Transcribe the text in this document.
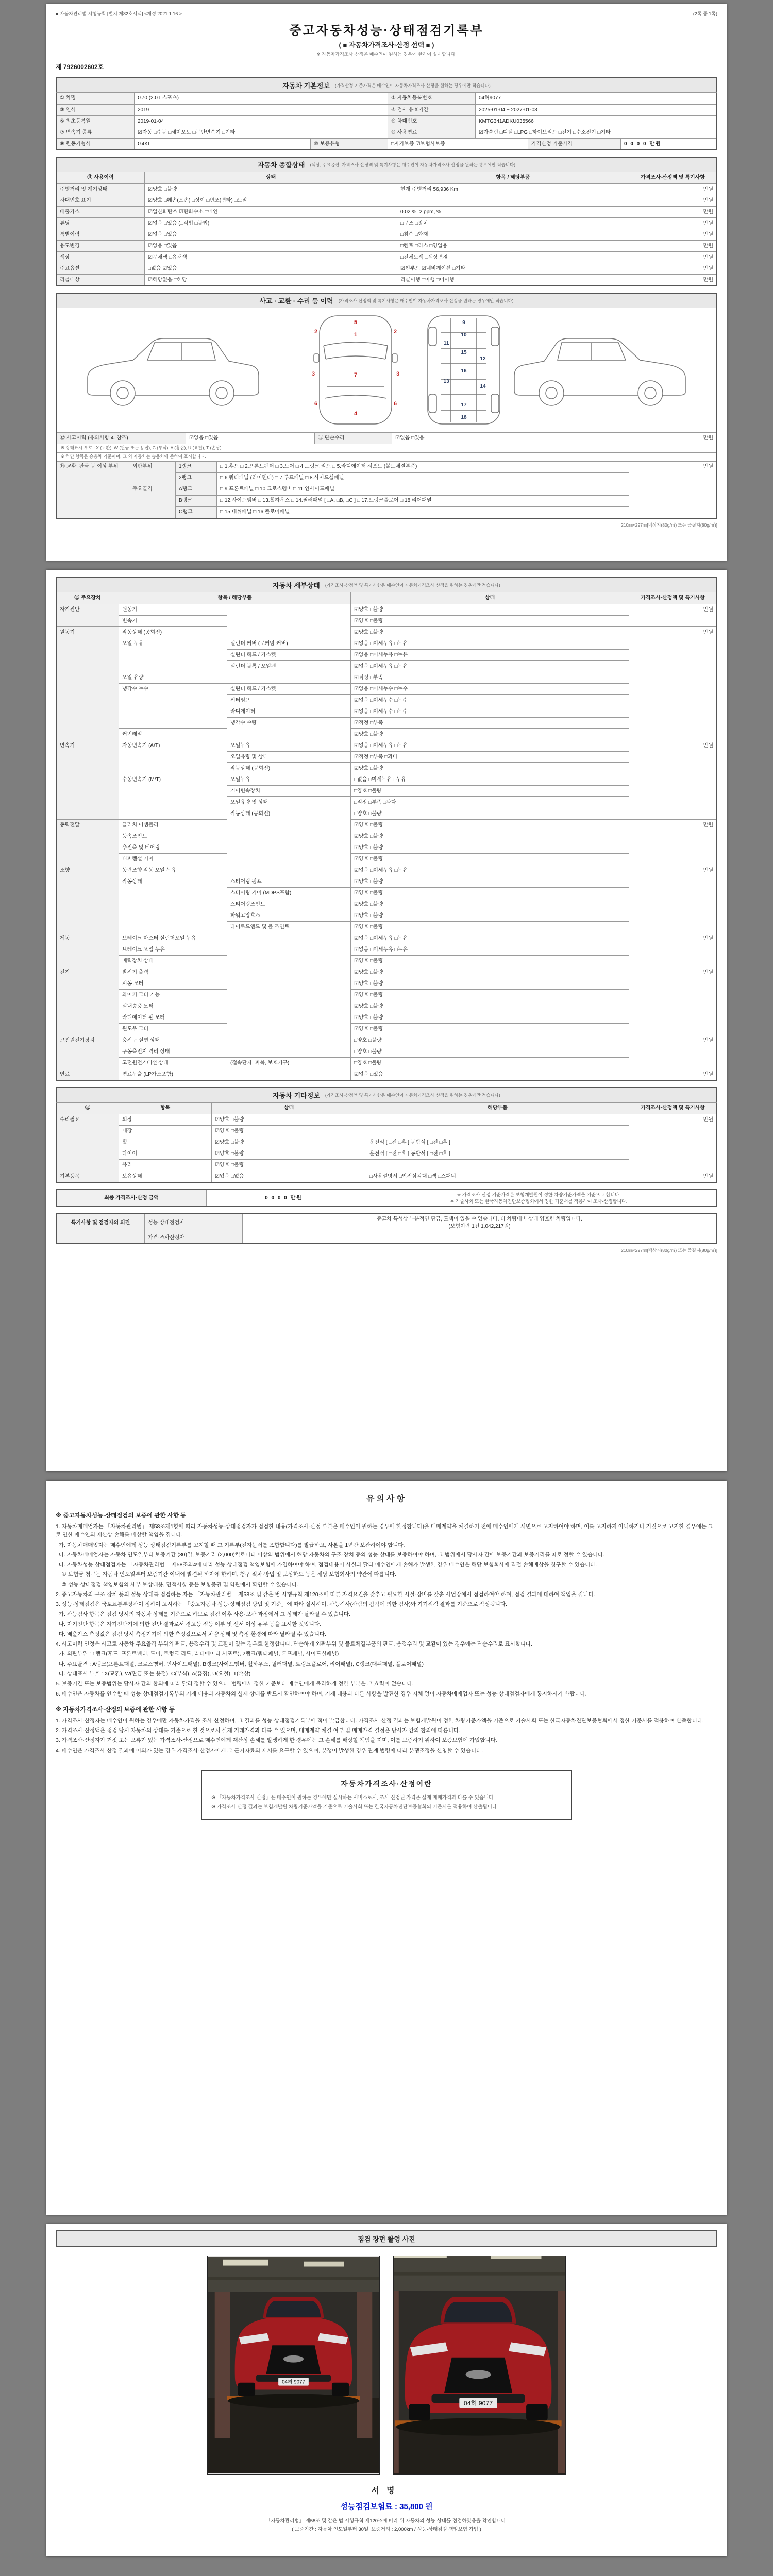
■ 자동차관리법 시행규칙 [별지 제82호서식] <개정 2021.1.16.>	(2쪽 중 1쪽)
중고자동차성능·상태점검기록부
( ■ 자동차가격조사·산정 선택 ■ )
※ 자동차가격조사·산정은 매수인이 원하는 경우에 한하여 실시합니다.
제 7926002602호
자동차 기본정보 (가격산정 기준가격은 매수인이 자동차가격조사·산정을 원하는 경우에만 적습니다)
① 차명	G70 (2.0T 스포츠)	② 자동차등록번호	04허9077
③ 연식	2019	④ 검사 유효기간	2025-01-04 ~ 2027-01-03
⑤ 최초등록일	2019-01-04	⑥ 차대번호	KMTG341ADKU035566
⑦ 변속기 종류	☑자동 □수동 □세미오토 □무단변속기 □기타	⑧ 사용연료	☑가솔린 □디젤 □LPG □하이브리드 □전기 □수소전기 □기타
⑨ 원동기형식	G4KL	⑩ 보증유형	□자가보증 ☑보험사보증	가격산정 기준가격	0 0 0 0 만원
자동차 종합상태 (색상, 주요옵션, 가격조사·산정액 및 특기사항은 매수인이 자동차가격조사·산정을 원하는 경우에만 적습니다)
⑪ 사용이력	상태	항목 / 해당부품	가격조사·산정액 및 특기사항
주행거리 및 계기상태	☑양호 □불량	현재 주행거리 56,936 Km	만원
차대번호 표기	☑양호 □훼손(오손) □상이 □변조(변타) □도말	만원
배출가스	☑일산화탄소 ☑탄화수소 □매연	0.02 %, 2 ppm, %	만원
튜닝	☑없음 □있음 (□적법 □불법)	□구조 □장치	만원
특별이력	☑없음 □있음	□침수 □화재	만원
용도변경	☑없음 □있음	□렌트 □리스 □영업용	만원
색상	☑무채색 □유채색	□전체도색 □색상변경	만원
주요옵션	□없음 ☑있음	☑썬루프 ☑네비게이션 □기타	만원
리콜대상	☑해당없음 □해당	리콜이행 □이행 □미이행	만원
사고 · 교환 · 수리 등 이력 (가격조사·산정액 및 특기사항은 매수인이 자동차가격조사·산정을 원하는 경우에만 적습니다)
1
2	2
3	3
4
5
6	6
7
9
10
11
12
13
14
15
16
17
18
⑫ 사고이력 (유의사항 4. 참조)	☑없음 □있음	⑬ 단순수리	☑없음 □있음	만원
※ 상태표시 부호 : X (교환), W (판금 또는 용접), C (부식), A (흠집), U (요철), T (손상)
※ 하단 항목은 승용차 기준이며, 그 외 자동차는 승용차에 준하여 표시합니다.
⑭ 교환, 판금 등 이상 부위	외판부위	1랭크	□ 1.후드 □ 2.프론트펜더 □ 3.도어 □ 4.트렁크 리드 □ 5.라디에이터 서포트 (볼트체결부품)	만원
2랭크	□ 6.쿼터패널 (리어펜더) □ 7.루프패널 □ 8.사이드실패널
주요골격	A랭크	□ 9.프론트패널 □ 10.크로스멤버 □ 11.인사이드패널
B랭크	□ 12.사이드멤버 □ 13.휠하우스 □ 14.필러패널 [ □A, □B, □C ] □ 17.트렁크플로어 □ 18.리어패널
C랭크	□ 15.대쉬패널 □ 16.플로어패널
210㎜×297㎜[백상지(80g/㎡) 또는 중질지(80g/㎡)]
자동차 세부상태 (가격조사·산정액 및 특기사항은 매수인이 자동차가격조사·산정을 원하는 경우에만 적습니다)
⑮ 주요장치	항목 / 해당부품	상태	가격조사·산정액 및 특기사항
자기진단	원동기	☑양호 □불량	만원
변속기	☑양호 □불량
원동기	작동상태 (공회전)	☑양호 □불량	만원
오일 누유	실린더 커버 (로커암 커버)	☑없음 □미세누유 □누유
실린더 헤드 / 가스켓	☑없음 □미세누유 □누유
실린더 블록 / 오일팬	☑없음 □미세누유 □누유
오일 유량	☑적정 □부족
냉각수 누수	실린더 헤드 / 가스켓	☑없음 □미세누수 □누수
워터펌프	☑없음 □미세누수 □누수
라디에이터	☑없음 □미세누수 □누수
냉각수 수량	☑적정 □부족
커먼레일	☑양호 □불량
변속기	자동변속기 (A/T)	오일누유	☑없음 □미세누유 □누유	만원
오일유량 및 상태	☑적정 □부족 □과다
작동상태 (공회전)	☑양호 □불량
수동변속기 (M/T)	오일누유	□없음 □미세누유 □누유
기어변속장치	□양호 □불량
오일유량 및 상태	□적정 □부족 □과다
작동상태 (공회전)	□양호 □불량
동력전달	클러치 어셈블리	☑양호 □불량	만원
등속조인트	☑양호 □불량
추진축 및 베어링	☑양호 □불량
디퍼렌셜 기어	☑양호 □불량
조향	동력조향 작동 오일 누유	☑없음 □미세누유 □누유	만원
작동상태	스티어링 펌프	☑양호 □불량
스티어링 기어 (MDPS포함)	☑양호 □불량
스티어링조인트	☑양호 □불량
파워고압호스	☑양호 □불량
타이로드엔드 및 볼 조인트	☑양호 □불량
제동	브레이크 마스터 실린더오일 누유	☑없음 □미세누유 □누유	만원
브레이크 오일 누유	☑없음 □미세누유 □누유
배력장치 상태	☑양호 □불량
전기	발전기 출력	☑양호 □불량	만원
시동 모터	☑양호 □불량
와이퍼 모터 기능	☑양호 □불량
실내송풍 모터	☑양호 □불량
라디에이터 팬 모터	☑양호 □불량
윈도우 모터	☑양호 □불량
고전원전기장치	충전구 절연 상태	□양호 □불량	만원
구동축전지 격리 상태	□양호 □불량
고전원전기배선 상태	(접속단자, 피복, 보호기구)	□양호 □불량
연료	연료누출 (LP가스포함)	☑없음 □있음	만원
자동차 기타정보 (가격조사·산정액 및 특기사항은 매수인이 자동차가격조사·산정을 원하는 경우에만 적습니다)
⑯	항목	상태	해당부품	가격조사·산정액 및 특기사항
수리필요	외장	☑양호 □불량	만원
내장	☑양호 □불량
휠	☑양호 □불량	운전석 [ □전 □후 ] 동반석 [ □전 □후 ]
타이어	☑양호 □불량	운전석 [ □전 □후 ] 동반석 [ □전 □후 ]
유리	☑양호 □불량
기본품목	보유상태	☑있음 □없음	□사용설명서 □안전삼각대 □잭 □스패너	만원
최종 가격조사·산정 금액	0 0 0 0 만원
※ 가격조사·산정 기준가격은 보험개발원이 정한 차량기준가액을 기준으로 합니다.
※ 기술사회 또는 한국자동차진단보증협회에서 정한 기준서를 적용하여 조사·산정합니다.
특기사항 및 점검자의 의견	성능·상태점검자
중고차 특성상 부분적인 판금, 도색이 있을 수 있습니다. 타 차량대비 상태 양호한 차량입니다.
(보험이력 1건 1,042,217원)
가격·조사산정자
210㎜×297㎜[백상지(80g/㎡) 또는 중질지(80g/㎡)]
유의사항
※ 중고자동차성능·상태점검의 보증에 관한 사항 등

1. 자동차매매업자는 「자동차관리법」 제58조제1항에 따라 자동차성능·상태점검자가 점검한 내용(가격조사·산정 부분은 매수인이 원하는 경우에 한정합니다)을 매매계약을 체결하기 전에 매수인에게 서면으로 고지하여야 하며, 이를 고지하지 아니하거나 거짓으로 고지한 경우에는 그로 인한 매수인의 재산상 손해를 배상할 책임을 집니다.

가. 자동차매매업자는 매수인에게 성능·상태점검기록부를 고지할 때 그 기록부(전자문서를 포함합니다)를 발급하고, 사본을 1년간 보관하여야 합니다.

나. 자동차매매업자는 자동차 인도일부터 보증기간 (30)일, 보증거리 (2,000)킬로미터 이상의 범위에서 해당 자동차의 구조·장치 등의 성능·상태를 보증하여야 하며, 그 범위에서 당사자 간에 보증기간과 보증거리를 따로 정할 수 있습니다.

다. 자동차성능·상태점검자는 「자동차관리법」 제58조의4에 따라 성능·상태점검 책임보험에 가입하여야 하며, 점검내용이 사실과 달라 매수인에게 손해가 발생한 경우 매수인은 해당 보험회사에 직접 손해배상을 청구할 수 있습니다.

① 보험금 청구는 자동차 인도일부터 보증기간 이내에 발견된 하자에 한하며, 청구 절차·방법 및 보상한도 등은 해당 보험회사의 약관에 따릅니다.

② 성능·상태점검 책임보험의 세부 보상내용, 면책사항 등은 보험증권 및 약관에서 확인할 수 있습니다.

2. 중고자동차의 구조·장치 등의 성능·상태를 점검하는 자는 「자동차관리법」 제58조 및 같은 법 시행규칙 제120조에 따른 자격요건을 갖추고 필요한 시설·장비를 갖춘 사업장에서 점검하여야 하며, 점검 결과에 대하여 책임을 집니다.

3. 성능·상태점검은 국토교통부장관이 정하여 고시하는 「중고자동차 성능·상태점검 방법 및 기준」에 따라 실시하며, 관능검사(사람의 감각에 의한 검사)와 기기점검 결과를 기준으로 작성됩니다.

가. 관능검사 항목은 점검 당시의 자동차 상태를 기준으로 하므로 점검 이후 사용·보관 과정에서 그 상태가 달라질 수 있습니다.

나. 자기진단 항목은 자기진단기에 의한 진단 결과로서 경고등 점등 여부 및 센서 이상 유무 등을 표시한 것입니다.

다. 배출가스 측정값은 점검 당시 측정기기에 의한 측정값으로서 차량 상태 및 측정 환경에 따라 달라질 수 있습니다.

4. 사고이력 인정은 사고로 자동차 주요골격 부위의 판금, 용접수리 및 교환이 있는 경우로 한정합니다. 단순하게 외판부위 및 볼트체결부품의 판금, 용접수리 및 교환이 있는 경우에는 단순수리로 표시합니다.

가. 외판부위 : 1랭크(후드, 프론트펜더, 도어, 트렁크 리드, 라디에이터 서포트), 2랭크(쿼터패널, 루프패널, 사이드실패널)

나. 주요골격 : A랭크(프론트패널, 크로스멤버, 인사이드패널), B랭크(사이드멤버, 휠하우스, 필러패널, 트렁크플로어, 리어패널), C랭크(대쉬패널, 플로어패널)

다. 상태표시 부호 : X(교환), W(판금 또는 용접), C(부식), A(흠집), U(요철), T(손상)

5. 보증기간 또는 보증범위는 당사자 간의 합의에 따라 달리 정할 수 있으나, 법령에서 정한 기준보다 매수인에게 불리하게 정한 부분은 그 효력이 없습니다.

6. 매수인은 자동차를 인수할 때 성능·상태점검기록부의 기재 내용과 자동차의 실제 상태를 반드시 확인하여야 하며, 기재 내용과 다른 사항을 발견한 경우 지체 없이 자동차매매업자 또는 성능·상태점검자에게 통지하시기 바랍니다.

※ 자동차가격조사·산정의 보증에 관한 사항 등

1. 가격조사·산정자는 매수인이 원하는 경우에만 자동차가격을 조사·산정하며, 그 결과를 성능·상태점검기록부에 적어 발급합니다. 가격조사·산정 결과는 보험개발원이 정한 차량기준가액을 기준으로 기술사회 또는 한국자동차진단보증협회에서 정한 기준서를 적용하여 산출합니다.

2. 가격조사·산정액은 점검 당시 자동차의 상태를 기준으로 한 것으로서 실제 거래가격과 다를 수 있으며, 매매계약 체결 여부 및 매매가격 결정은 당사자 간의 합의에 따릅니다.

3. 가격조사·산정자가 거짓 또는 오류가 있는 가격조사·산정으로 매수인에게 재산상 손해를 발생하게 한 경우에는 그 손해를 배상할 책임을 지며, 이를 보증하기 위하여 보증보험에 가입합니다.

4. 매수인은 가격조사·산정 결과에 이의가 있는 경우 가격조사·산정자에게 그 근거자료의 제시를 요구할 수 있으며, 분쟁이 발생한 경우 관계 법령에 따라 분쟁조정을 신청할 수 있습니다.

자동차가격조사·산정이란

※ 「자동차가격조사·산정」은 매수인이 원하는 경우에만 실시하는 서비스로서, 조사·산정된 가격은 실제 매매가격과 다를 수 있습니다.

※ 가격조사·산정 결과는 보험개발원 차량기준가액을 기준으로 기술사회 또는 한국자동차진단보증협회의 기준서를 적용하여 산출됩니다.

점검 장면 촬영 사진
04허 9077
서명
성능점검보험료 : 35,800 원

「자동차관리법」 제58조 및 같은 법 시행규칙 제120조에 따라 위 자동차의 성능·상태를 점검하였음을 확인합니다.

( 보증기간 : 자동차 인도일부터 30일, 보증거리 : 2,000km / 성능·상태점검 책임보험 가입 )
